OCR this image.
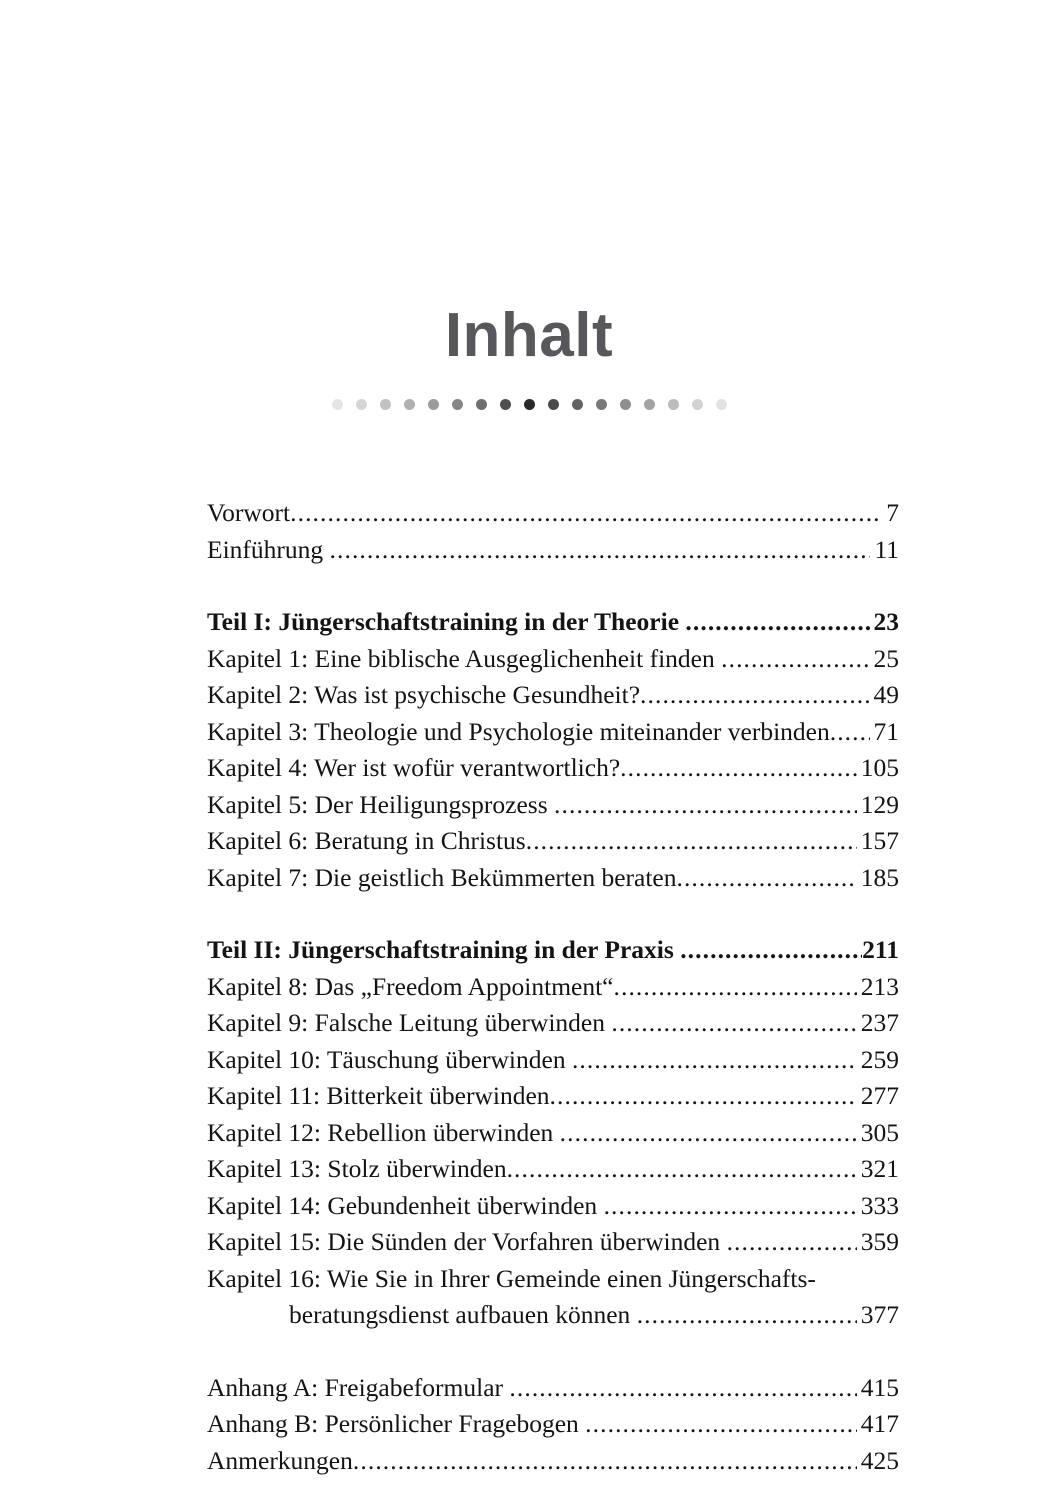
Inhalt
Vorwort .....	7
Einführung .....	11
Teil I: Jüngerschaftstraining in der Theorie .....	23
Kapitel 1: Eine biblische Ausgeglichenheit finden .....	25
Kapitel 2: Was ist psychische Gesundheit? .....	49
Kapitel 3: Theologie und Psychologie miteinander verbinden ..... 71
Kapitel 4: Wer ist wofür verantwortlich? .....	105
Kapitel 5: Der Heiligungsprozess .....	129
Kapitel 6: Beratung in Christus .....	157
Kapitel 7: Die geistlich Bekümmerten beraten .....	185
Teil II: Jüngerschaftstraining in der Praxis .....	211
Kapitel 8: Das „Freedom Appointment“ .....	213
Kapitel 9: Falsche Leitung überwinden .....	237
Kapitel 10: Täuschung überwinden .....	259
Kapitel 11: Bitterkeit überwinden .....	277
Kapitel 12: Rebellion überwinden .....	305
Kapitel 13: Stolz überwinden .....	321
Kapitel 14: Gebundenheit überwinden .....	333
Kapitel 15: Die Sünden der Vorfahren überwinden .....	359
Kapitel 16: Wie Sie in Ihrer Gemeinde einen Jüngerschafts-
beratungsdienst aufbauen können .....	377
Anhang A: Freigabeformular .....	415
Anhang B: Persönlicher Fragebogen .....	417
Anmerkungen .....	425
